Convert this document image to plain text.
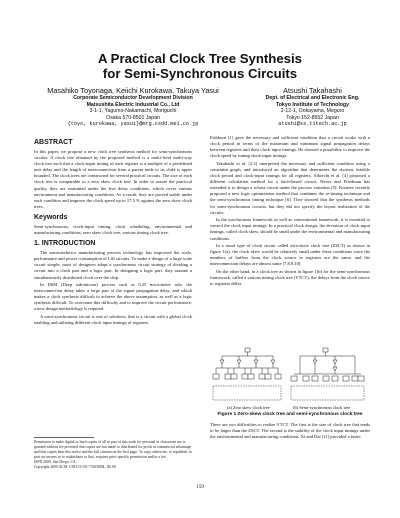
A Practical Clock Tree Synthesis
for Semi-Synchronous Circuits
Masahiko Toyonaga, Keiichi Kurokawa, Takuya Yasui
Corporate Semiconductor Development Division
Matsushita Electric Industrial Co., Ltd
3-1-1, Yagumo-Nakamachi, Moriguchi
Osaka 570-8501 Japan
{toyo, kurokawa, yasui}@mrg.csdd.mei.co.jp
Atsushi Takahashi
Dept. of Electrical and Electronic Eng.
Tokyo Institute of Technology
2-12-1, Ookayama, Meguro
Tokyo 152-8552 Japan
atushi@ss.titech.ac.jp
ABSTRACT
In this paper, we propose a new clock tree synthesis method for semi-synchronous circuits. A clock tree obtained by the proposed method is a multi-level multi-way clock tree such that a clock-input timing of each register is a multiple of a predefined unit delay and the length of interconnection from a parent node to its child is upper bounded. The clock trees are constructed for several practical circuits. The size of each clock tree is comparable to a zero skew clock tree. In order to assure the practical quality, they are examined under the five delay conditions, which cover various environment and manufacturing conditions. As a result, they are proved stable under each condition and improve the clock speed up to 17.5 % against the zero skew clock trees.
Keywords
Semi-synchronous, clock-input timing, clock scheduling, environmental and manufacturing conditions, zero skew clock tree, various timing clock tree.
1. INTRODUCTION
The semiconductor manufacturing process technology has improved the scale, performance and power consumption of LSI circuits. To make a design of a large scale circuit simple, most of designers adopt a synchronous circuit strategy of dividing a circuit into a clock part and a logic part. In designing a logic part, they assume a simultaneously distributed clock over the chip.
In DSM (Deep sub-micron) process such as 0.25 micrometer rule, the interconnection delay takes a large part of the signal propagation delay, and which makes a clock synthesis difficult to achieve the above assumption, as well as a logic synthesis difficult. To overcome this difficulty and to improve the circuit performance, a new design methodology is required.
A semi-synchronous circuit is one of solutions, that is a circuit with a global clock enabling and utilizing different clock input timings of registers.
Permission to make digital or hard copies of all or part of this work for personal or classroom use is granted without fee provided that copies are not made or distributed for profit or commercial advantage and that copies bear this notice and the full citation on the first page. To copy otherwise, or republish, to post on servers or to redistribute to lists, requires prior specific permission and/or a fee.
ISPD 2000, San Diego, CA.
Copyright 2000 ACM 1-58113-191-7/00/0004...$5.00
Fishburn [1] gave the necessary and sufficient condition that a circuit works with a clock period in terms of the maximum and minimum signal propagation delays between registers and their clock input timings. He showed a possibility to improve the clock speed by tuning clock-input timings.
Takahashi et al. [2,3] interpreted the necessary and sufficient condition using a constraint graph, and introduced an algorithm that determines the shortest feasible clock period and clock-input timings for all registers. Albrecht et al. [4] proposed a different calculation method for a latch-based circuit. Neves and Friedman has extended it to design a robust circuit under the process variation [5]. Kourtev recently proposed a new logic optimization method that combines the re-timing technique and the semi-synchronous timing technique [6]. They showed that the synthesis methods for semi-synchronous circuits, but they did not specify the layout realization of the circuits.
In the synchronous framework as well as conventional framework, it is essential to control the clock input timings. In a practical clock design, the deviation of clock input timings, called clock skew, should be small under the environmental and manufacturing conditions.
In a usual type of clock circuit called zero-skew clock tree (ZSCT) as shown in figure 1(a), the clock skew would be relatively small under these conditions since the numbers of buffers from the clock source to registers are the same, and the interconnection delays are almost same [7,8,9,10].
On the other hand, in a clock tree as shown in figure 1(b) for the semi-synchronous framework, called a various timing clock tree (VTCT), the delays from the clock source to registers differ.
(a) Zero skew clock tree	(b) Semi-synchronous clock tree
Figure 1 Zero-skew clock tree and semi-synchronous clock tree
There are two difficulties to realize VTCT. The first is the size of clock tree that tends to be larger than the ZSCT. The second is the stability of the clock input timings under the environmental and manufacturing conditions. Xi and Dai [11] provided a faster
159
